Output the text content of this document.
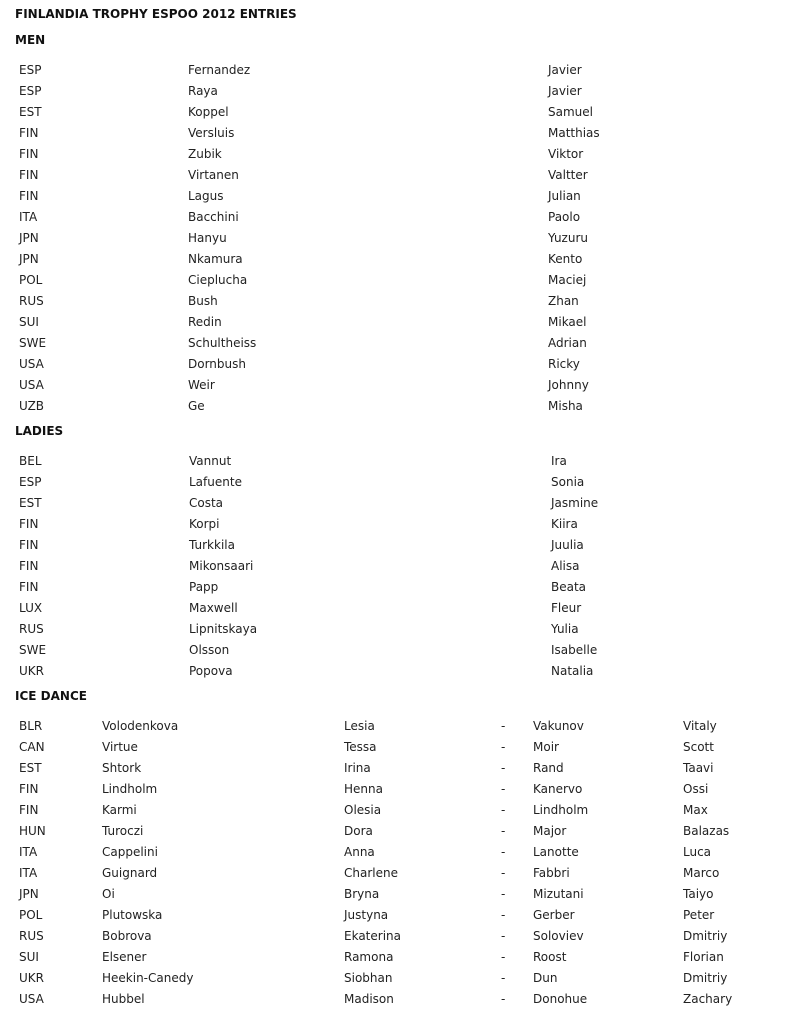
FINLANDIA TROPHY ESPOO 2012 ENTRIES
MEN
ESP	Fernandez	Javier
ESP	Raya	Javier
EST	Koppel	Samuel
FIN	Versluis	Matthias
FIN	Zubik	Viktor
FIN	Virtanen	Valtter
FIN	Lagus	Julian
ITA	Bacchini	Paolo
JPN	Hanyu	Yuzuru
JPN	Nkamura	Kento
POL	Cieplucha	Maciej
RUS	Bush	Zhan
SUI	Redin	Mikael
SWE	Schultheiss	Adrian
USA	Dornbush	Ricky
USA	Weir	Johnny
UZB	Ge	Misha
LADIES
BEL	Vannut	Ira
ESP	Lafuente	Sonia
EST	Costa	Jasmine
FIN	Korpi	Kiira
FIN	Turkkila	Juulia
FIN	Mikonsaari	Alisa
FIN	Papp	Beata
LUX	Maxwell	Fleur
RUS	Lipnitskaya	Yulia
SWE	Olsson	Isabelle
UKR	Popova	Natalia
ICE DANCE
BLR	Volodenkova	Lesia	- Vakunov	Vitaly
CAN	Virtue	Tessa	- Moir	Scott
EST	Shtork	Irina	- Rand	Taavi
FIN	Lindholm	Henna	- Kanervo	Ossi
FIN	Karmi	Olesia	- Lindholm	Max
HUN	Turoczi	Dora	- Major	Balazas
ITA	Cappelini	Anna	- Lanotte	Luca
ITA	Guignard	Charlene	- Fabbri	Marco
JPN	Oi	Bryna	- Mizutani	Taiyo
POL	Plutowska	Justyna	- Gerber	Peter
RUS	Bobrova	Ekaterina	- Soloviev	Dmitriy
SUI	Elsener	Ramona	- Roost	Florian
UKR	Heekin-Canedy	Siobhan	- Dun	Dmitriy
USA	Hubbel	Madison	- Donohue	Zachary
